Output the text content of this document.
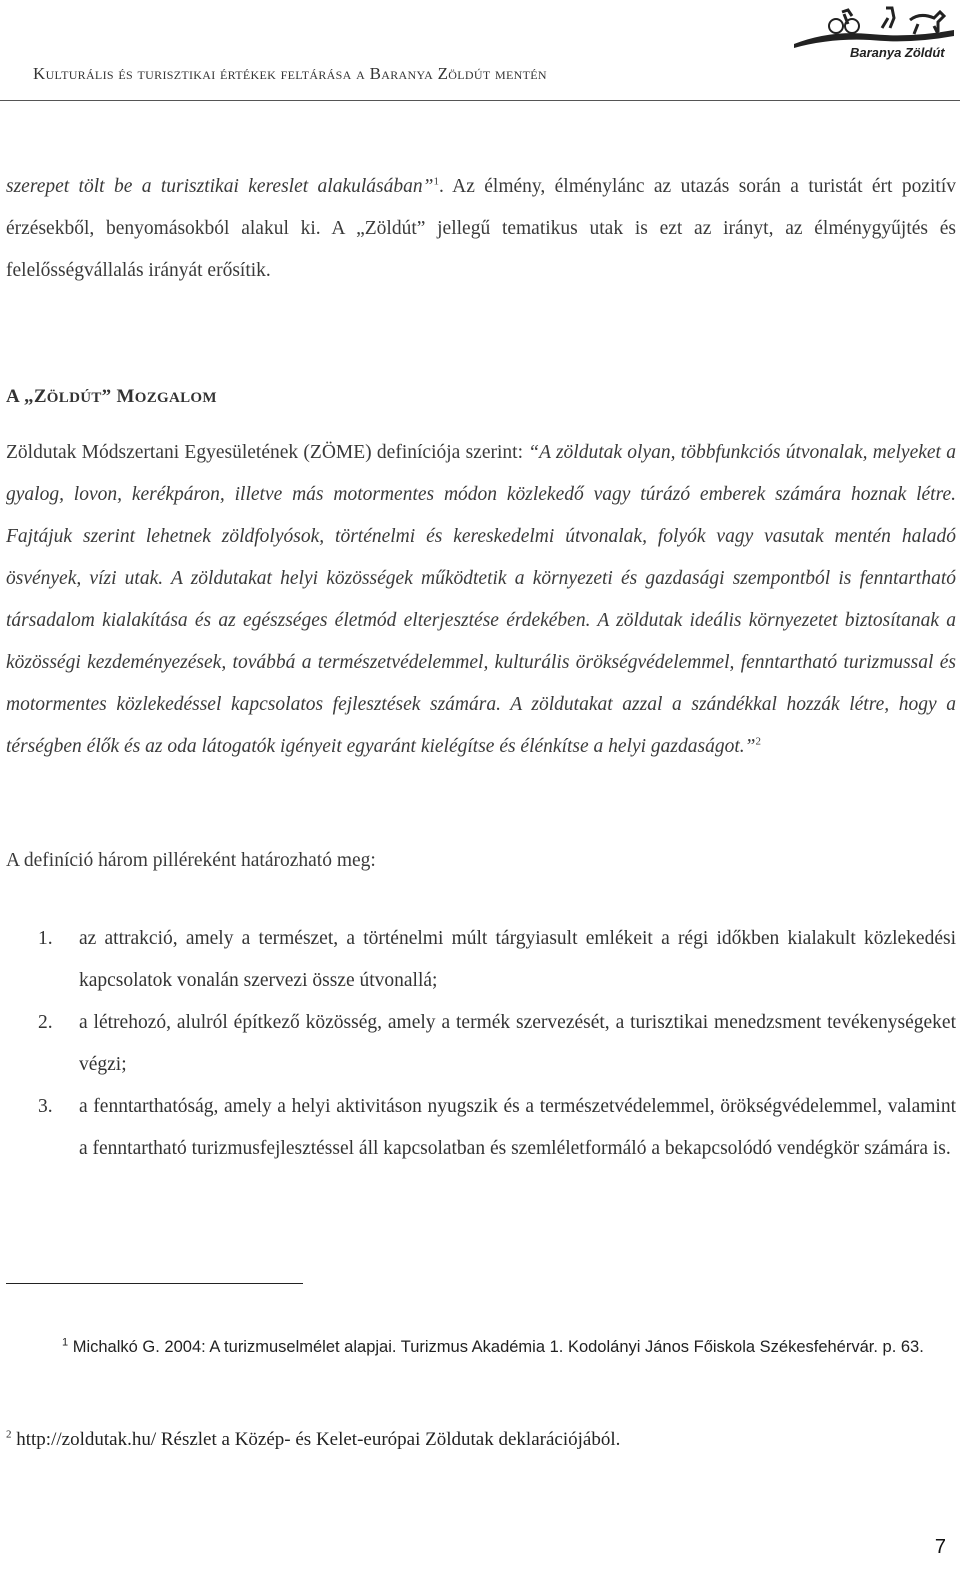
Kulturális és turisztikai értékek feltárása a Baranya Zöldút mentén
Baranya Zöldút
szerepet tölt be a turisztikai kereslet alakulásában”$^1$. Az élmény, élménylánc az utazás során a turistát ért pozitív érzésekből, benyomásokból alakul ki. A „Zöldút” jellegű tematikus utak is ezt az irányt, az élménygyűjtés és felelősségvállalás irányát erősítik.
A „ZÖLDÚT” MOZGALOM
Zöldutak Módszertani Egyesületének (ZÖME) definíciója szerint: “A zöldutak olyan, többfunkciós útvonalak, melyeket a gyalog, lovon, kerékpáron, illetve más motormentes módon közlekedő vagy túrázó emberek számára hoznak létre. Fajtájuk szerint lehetnek zöldfolyósok, történelmi és kereskedelmi útvonalak, folyók vagy vasutak mentén haladó ösvények, vízi utak. A zöldutakat helyi közösségek működtetik a környezeti és gazdasági szempontból is fenntartható társadalom kialakítása és az egészséges életmód elterjesztése érdekében. A zöldutak ideális környezetet biztosítanak a közösségi kezdeményezések, továbbá a természetvédelemmel, kulturális örökségvédelemmel, fenntartható turizmussal és motormentes közlekedéssel kapcsolatos fejlesztések számára. A zöldutakat azzal a szándékkal hozzák létre, hogy a térségben élők és az oda látogatók igényeit egyaránt kielégítse és élénkítse a helyi gazdaságot.”$^2$
A definíció három pilléreként határozható meg:
1. az attrakció, amely a természet, a történelmi múlt tárgyiasult emlékeit a régi időkben kialakult közlekedési kapcsolatok vonalán szervezi össze útvonallá;
2. a létrehozó, alulról építkező közösség, amely a termék szervezését, a turisztikai menedzsment tevékenységeket végzi;
3. a fenntarthatóság, amely a helyi aktivitáson nyugszik és a természetvédelemmel, örökségvédelemmel, valamint a fenntartható turizmusfejlesztéssel áll kapcsolatban és szemléletformáló a bekapcsolódó vendégkör számára is.
$^1$ Michalkó G. 2004: A turizmuselmélet alapjai. Turizmus Akadémia 1. Kodolányi János Főiskola Székesfehérvár. p. 63.
$^2$ http://zoldutak.hu/ Részlet a Közép- és Kelet-európai Zöldutak deklarációjából.
7
